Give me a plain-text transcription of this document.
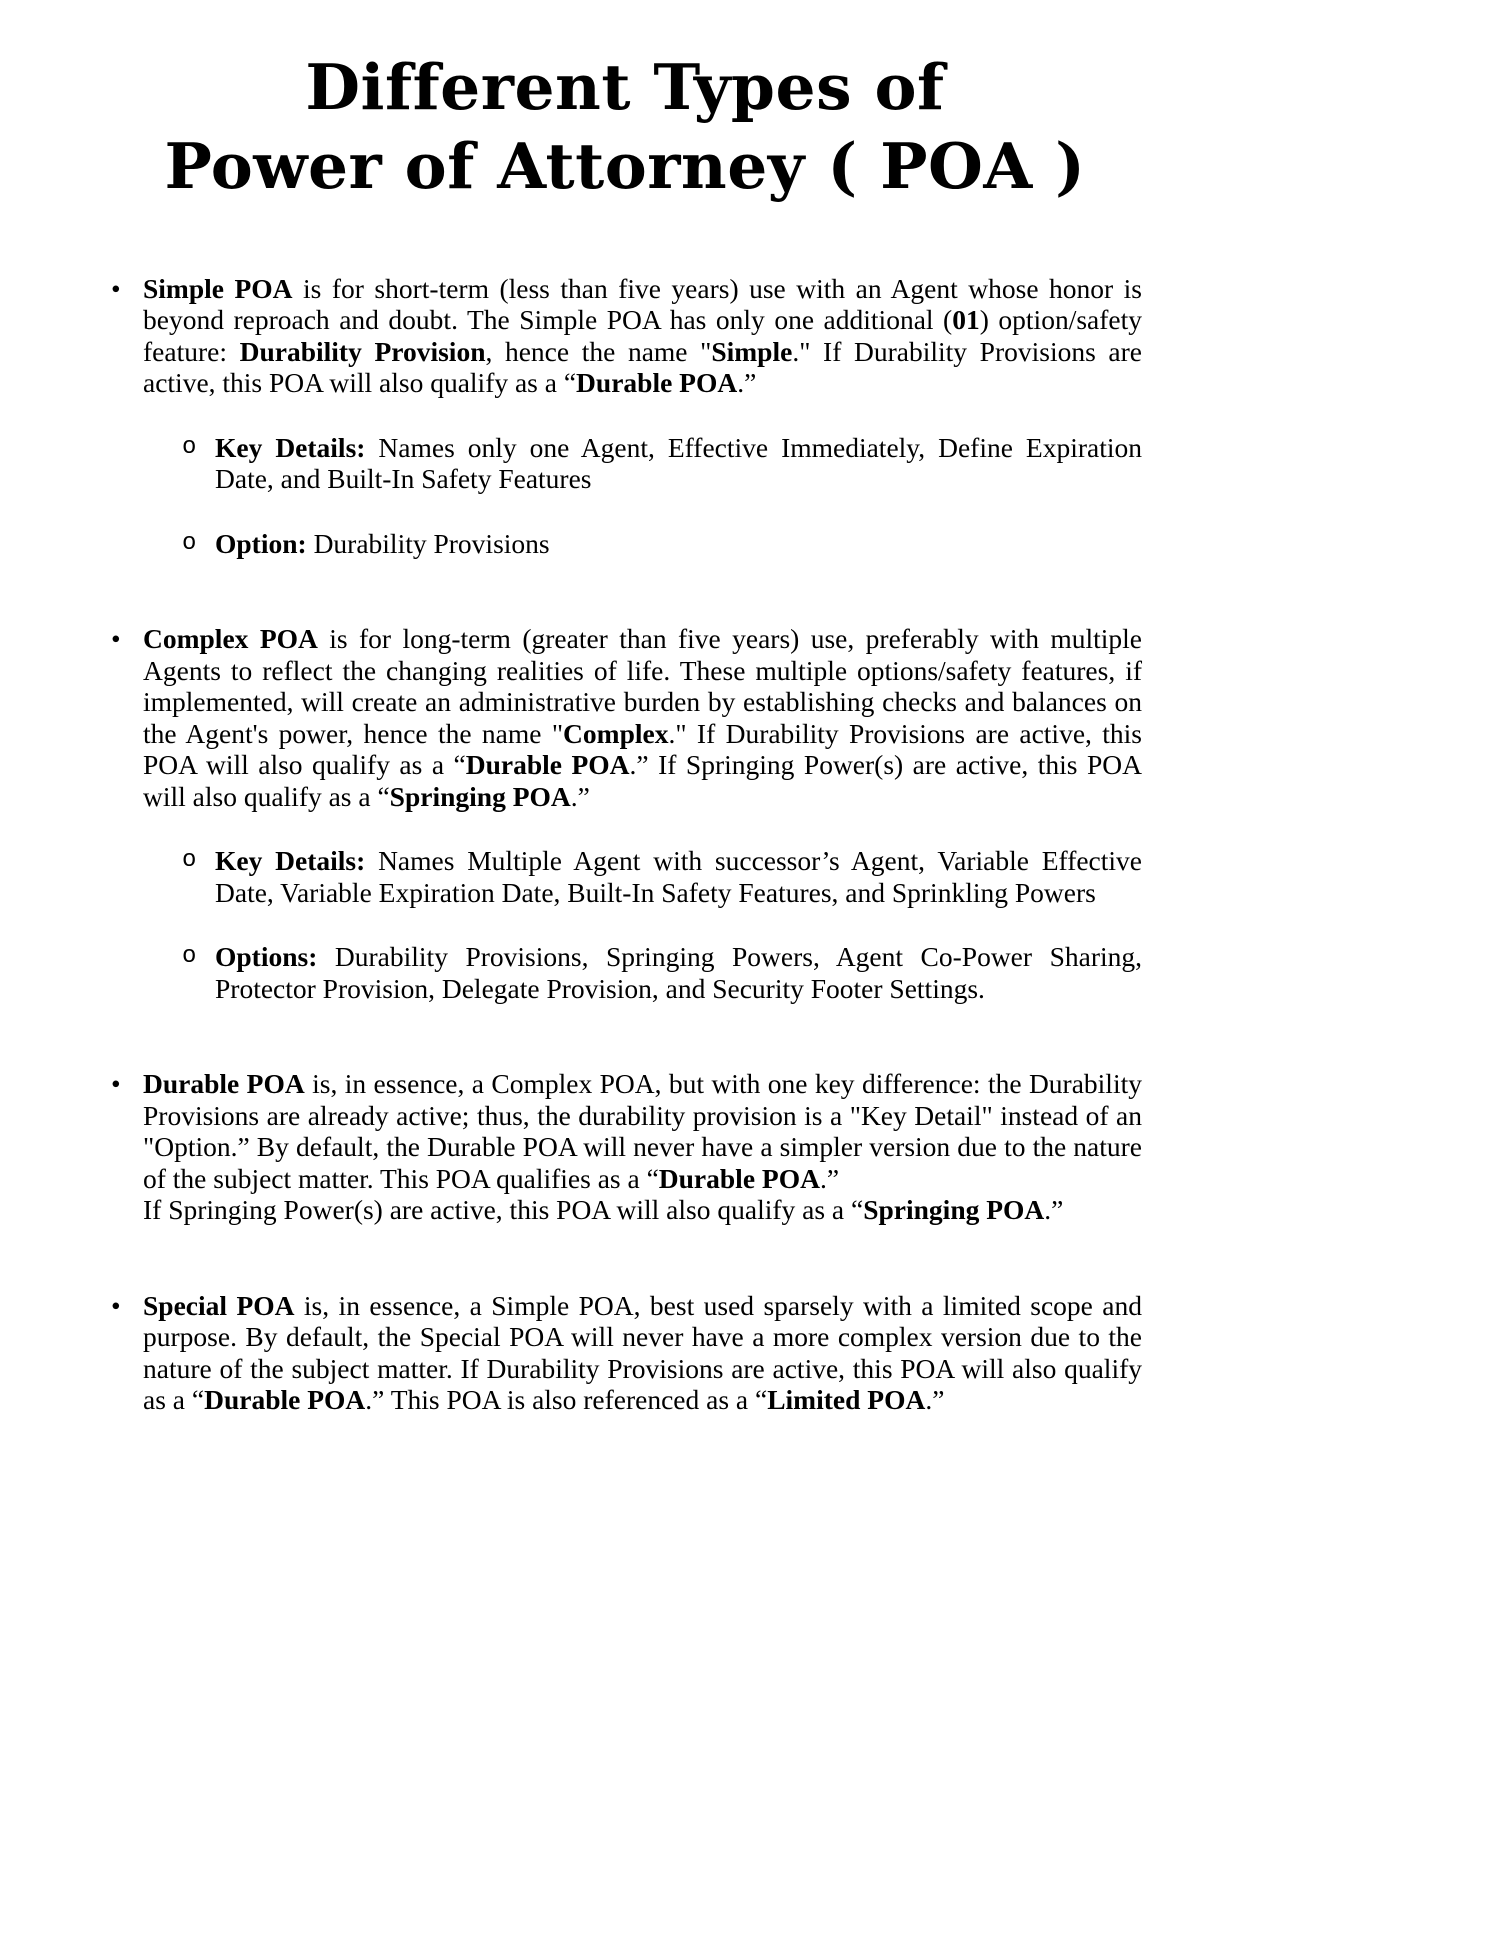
Different Types of
Power of Attorney ( POA )
• Simple POA is for short-term (less than five years) use with an Agent whose honor is beyond reproach and doubt. The Simple POA has only one additional (01) option/safety feature: Durability Provision, hence the name "Simple." If Durability Provisions are active, this POA will also qualify as a “Durable POA.”

o Key Details: Names only one Agent, Effective Immediately, Define Expiration Date, and Built-In Safety Features

o Option: Durability Provisions

• Complex POA is for long-term (greater than five years) use, preferably with multiple Agents to reflect the changing realities of life. These multiple options/safety features, if implemented, will create an administrative burden by establishing checks and balances on the Agent's power, hence the name "Complex." If Durability Provisions are active, this POA will also qualify as a “Durable POA.” If Springing Power(s) are active, this POA will also qualify as a “Springing POA.”

o Key Details: Names Multiple Agent with successor’s Agent, Variable Effective Date, Variable Expiration Date, Built-In Safety Features, and Sprinkling Powers

o Options: Durability Provisions, Springing Powers, Agent Co-Power Sharing, Protector Provision, Delegate Provision, and Security Footer Settings.

• Durable POA is, in essence, a Complex POA, but with one key difference: the Durability Provisions are already active; thus, the durability provision is a "Key Detail" instead of an "Option.” By default, the Durable POA will never have a simpler version due to the nature of the subject matter. This POA qualifies as a “Durable POA.”
If Springing Power(s) are active, this POA will also qualify as a “Springing POA.”

• Special POA is, in essence, a Simple POA, best used sparsely with a limited scope and purpose. By default, the Special POA will never have a more complex version due to the nature of the subject matter. If Durability Provisions are active, this POA will also qualify as a “Durable POA.” This POA is also referenced as a “Limited POA.”
